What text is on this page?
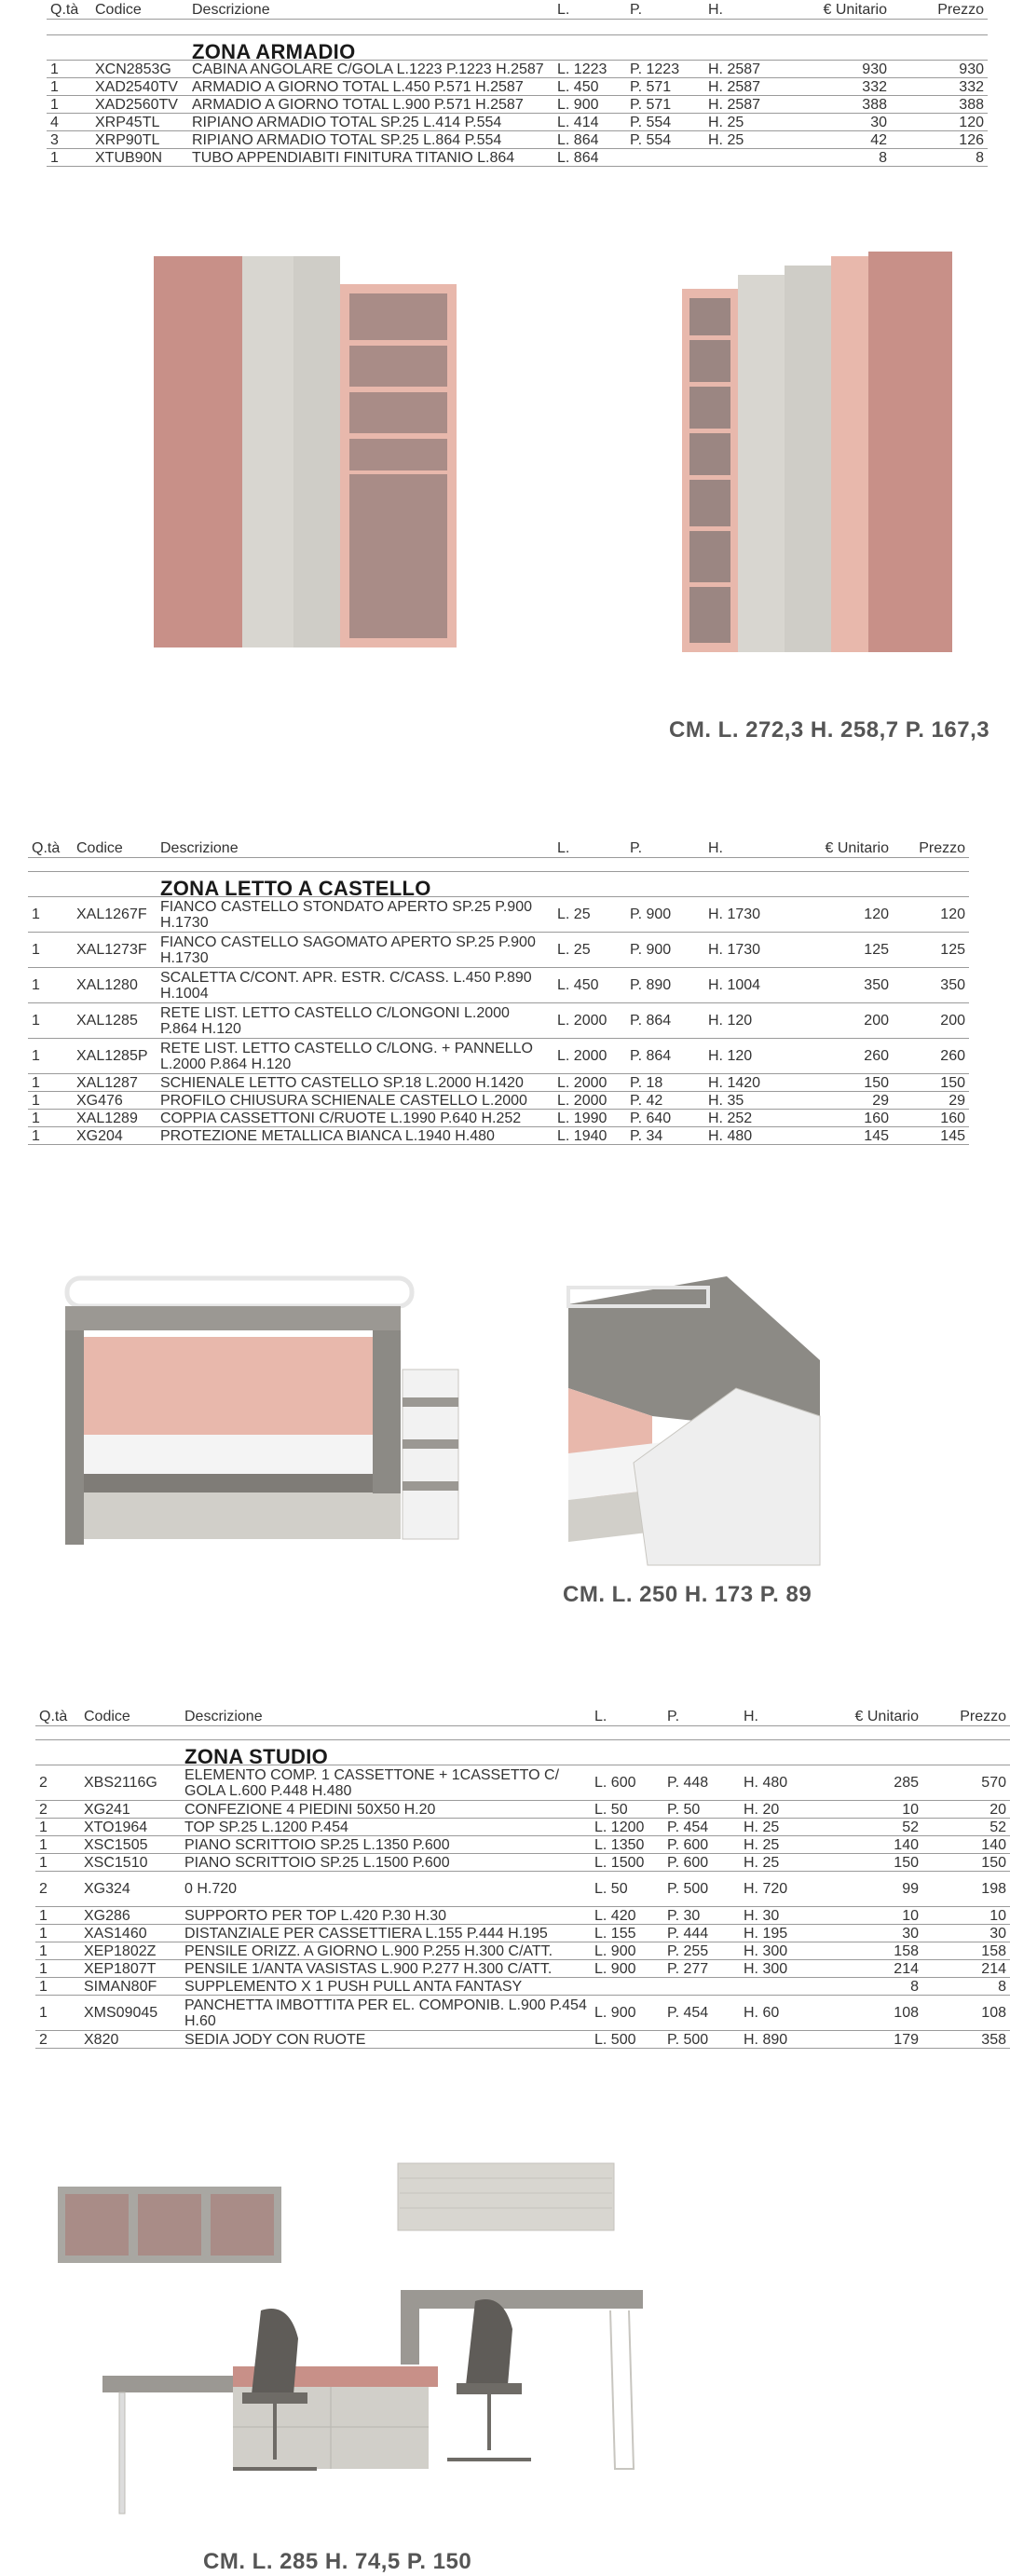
Q.tà	Codice	Descrizione	L.	P.	H.	€ Unitario	Prezzo

		ZONA ARMADIO					
1	XCN2853G	CABINA ANGOLARE C/GOLA L.1223 P.1223 H.2587	L. 1223	P. 1223	H. 2587	930	930
1	XAD2540TV	ARMADIO A GIORNO TOTAL L.450 P.571 H.2587	L. 450	P. 571	H. 2587	332	332
1	XAD2560TV	ARMADIO A GIORNO TOTAL L.900 P.571 H.2587	L. 900	P. 571	H. 2587	388	388
4	XRP45TL	RIPIANO ARMADIO TOTAL SP.25 L.414 P.554	L. 414	P. 554	H. 25	30	120
3	XRP90TL	RIPIANO ARMADIO TOTAL SP.25 L.864 P.554	L. 864	P. 554	H. 25	42	126
1	XTUB90N	TUBO APPENDIABITI FINITURA TITANIO L.864	L. 864			8	8
CM. L. 272,3 H. 258,7 P. 167,3
Q.tà	Codice	Descrizione	L.	P.	H.	€ Unitario	Prezzo

		ZONA LETTO A CASTELLO					
1	XAL1267F	FIANCO CASTELLO STONDATO APERTO SP.25 P.900 H.1730	L. 25	P. 900	H. 1730	120	120
1	XAL1273F	FIANCO CASTELLO SAGOMATO APERTO SP.25 P.900 H.1730	L. 25	P. 900	H. 1730	125	125
1	XAL1280	SCALETTA C/CONT. APR. ESTR. C/CASS. L.450 P.890 H.1004	L. 450	P. 890	H. 1004	350	350
1	XAL1285	RETE LIST. LETTO CASTELLO C/LONGONI L.2000 P.864 H.120	L. 2000	P. 864	H. 120	200	200
1	XAL1285P	RETE LIST. LETTO CASTELLO C/LONG. + PANNELLO L.2000 P.864 H.120	L. 2000	P. 864	H. 120	260	260
1	XAL1287	SCHIENALE LETTO CASTELLO SP.18 L.2000 H.1420	L. 2000	P. 18	H. 1420	150	150
1	XG476	PROFILO CHIUSURA SCHIENALE CASTELLO L.2000	L. 2000	P. 42	H. 35	29	29
1	XAL1289	COPPIA CASSETTONI C/RUOTE L.1990 P.640 H.252	L. 1990	P. 640	H. 252	160	160
1	XG204	PROTEZIONE METALLICA BIANCA L.1940 H.480	L. 1940	P. 34	H. 480	145	145
CM. L. 250 H. 173 P. 89
Q.tà	Codice	Descrizione	L.	P.	H.	€ Unitario	Prezzo

		ZONA STUDIO					
2	XBS2116G	ELEMENTO COMP. 1 CASSETTONE + 1CASSETTO C/ GOLA L.600 P.448 H.480	L. 600	P. 448	H. 480	285	570
2	XG241	CONFEZIONE 4 PIEDINI 50X50 H.20	L. 50	P. 50	H. 20	10	20
1	XTO1964	TOP SP.25 L.1200 P.454	L. 1200	P. 454	H. 25	52	52
1	XSC1505	PIANO SCRITTOIO SP.25 L.1350 P.600	L. 1350	P. 600	H. 25	140	140
1	XSC1510	PIANO SCRITTOIO SP.25 L.1500 P.600	L. 1500	P. 600	H. 25	150	150
2	XG324	0 H.720	L. 50	P. 500	H. 720	99	198
1	XG286	SUPPORTO PER TOP L.420 P.30 H.30	L. 420	P. 30	H. 30	10	10
1	XAS1460	DISTANZIALE PER CASSETTIERA L.155 P.444 H.195	L. 155	P. 444	H. 195	30	30
1	XEP1802Z	PENSILE ORIZZ. A GIORNO L.900 P.255 H.300 C/ATT.	L. 900	P. 255	H. 300	158	158
1	XEP1807T	PENSILE 1/ANTA VASISTAS L.900 P.277 H.300 C/ATT.	L. 900	P. 277	H. 300	214	214
1	SIMAN80F	SUPPLEMENTO X 1 PUSH PULL ANTA FANTASY				8	8
1	XMS09045	PANCHETTA IMBOTTITA PER EL. COMPONIB. L.900 P.454 H.60	L. 900	P. 454	H. 60	108	108
2	X820	SEDIA JODY CON RUOTE	L. 500	P. 500	H. 890	179	358
CM. L. 285 H. 74,5 P. 150
